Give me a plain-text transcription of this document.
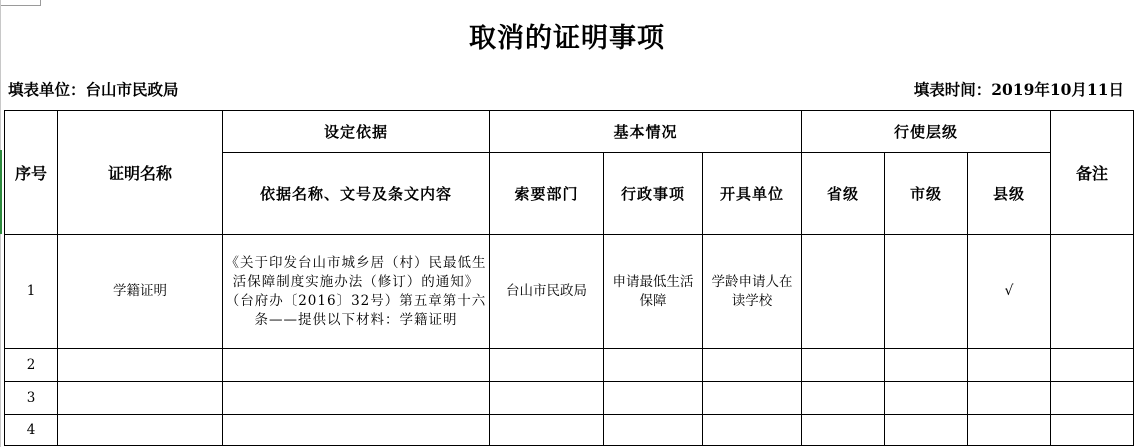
取消的证明事项
填表单位：台山市民政局	填表时间：2019年10月11日
序号	证明名称	设定依据	基本情况			行使层级			备注
		依据名称、文号及条文内容	索要部门	行政事项	开具单位	省级	市级	县级	
1	学籍证明	《关于印发台山市城乡居（村）民最低生活保障制度实施办法（修订）的通知》（台府办〔2016〕32号）第五章第十六条——提供以下材料：学籍证明	台山市民政局	申请最低生活保障	学龄申请人在读学校			√	
2									
3									
4									
